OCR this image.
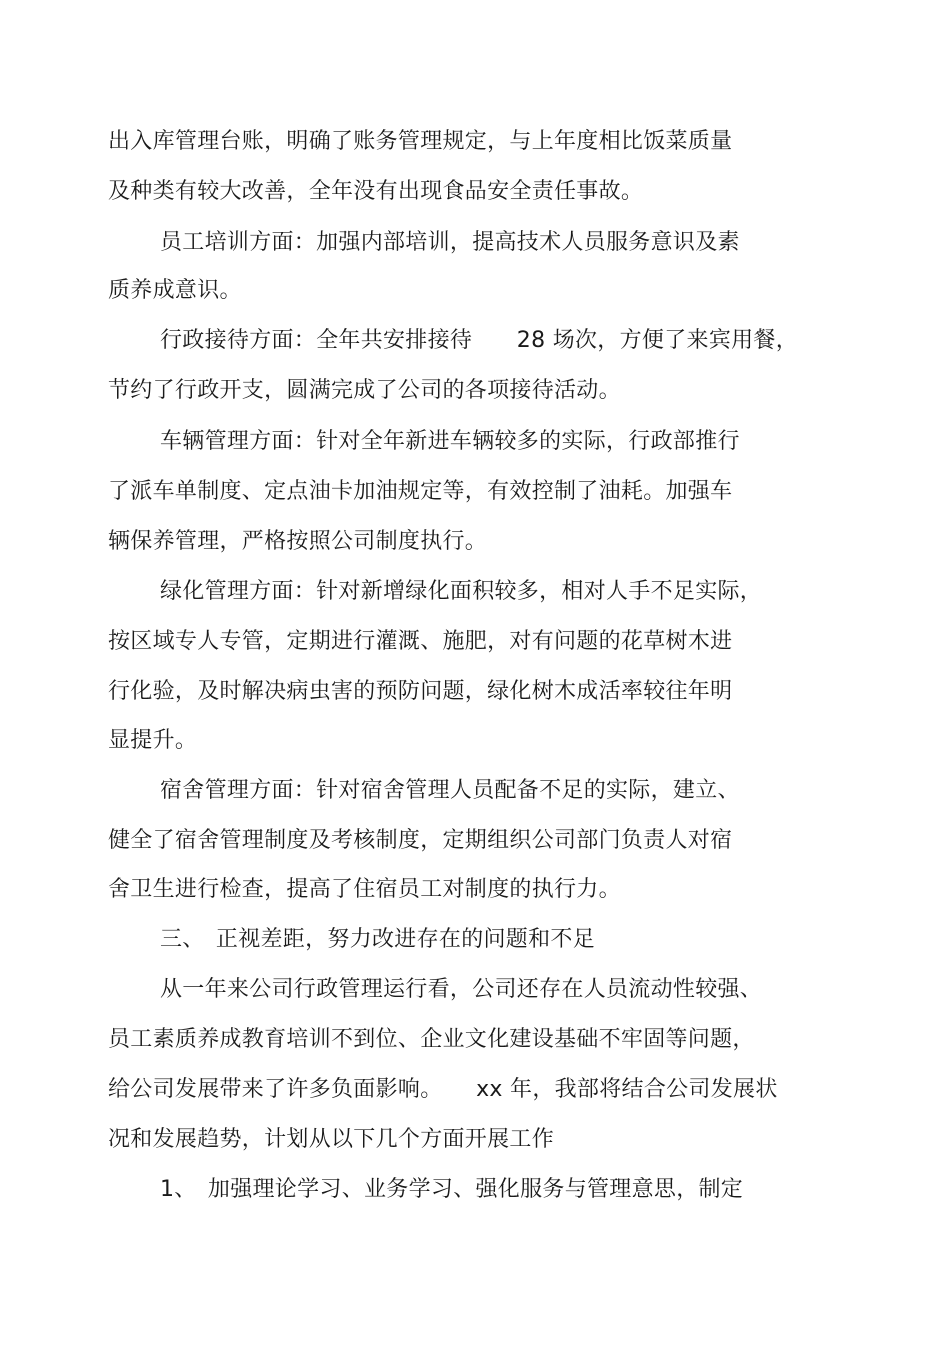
出入库管理台账，明确了账务管理规定，与上年度相比饭菜质量
及种类有较大改善，全年没有出现食品安全责任事故。
员工培训方面：加强内部培训，提高技术人员服务意识及素
质养成意识。
行政接待方面：全年共安排接待　　28 场次，方便了来宾用餐，
节约了行政开支，圆满完成了公司的各项接待活动。
车辆管理方面：针对全年新进车辆较多的实际，行政部推行
了派车单制度、定点油卡加油规定等，有效控制了油耗。加强车
辆保养管理，严格按照公司制度执行。
绿化管理方面：针对新增绿化面积较多，相对人手不足实际，
按区域专人专管，定期进行灌溉、施肥，对有问题的花草树木进
行化验，及时解决病虫害的预防问题，绿化树木成活率较往年明
显提升。
宿舍管理方面：针对宿舍管理人员配备不足的实际，建立、
健全了宿舍管理制度及考核制度，定期组织公司部门负责人对宿
舍卫生进行检查，提高了住宿员工对制度的执行力。
三、　正视差距，努力改进存在的问题和不足
从一年来公司行政管理运行看，公司还存在人员流动性较强、
员工素质养成教育培训不到位、企业文化建设基础不牢固等问题，
给公司发展带来了许多负面影响。　　xx 年，我部将结合公司发展状
况和发展趋势，计划从以下几个方面开展工作
1、　加强理论学习、业务学习、强化服务与管理意思，制定
